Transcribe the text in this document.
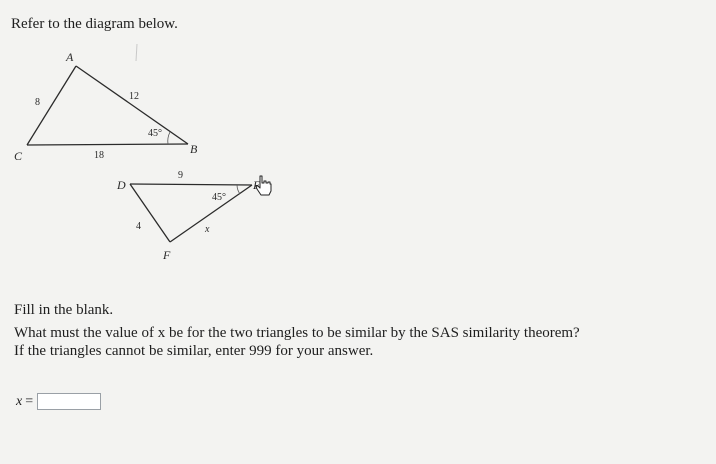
Refer to the diagram below.
A
C	B
8
12
18
45°
D	E
F
9
4	x
45°
Fill in the blank.
What must the value of x be for the two triangles to be similar by the SAS similarity theorem?
If the triangles cannot be similar, enter 999 for your answer.
x =
